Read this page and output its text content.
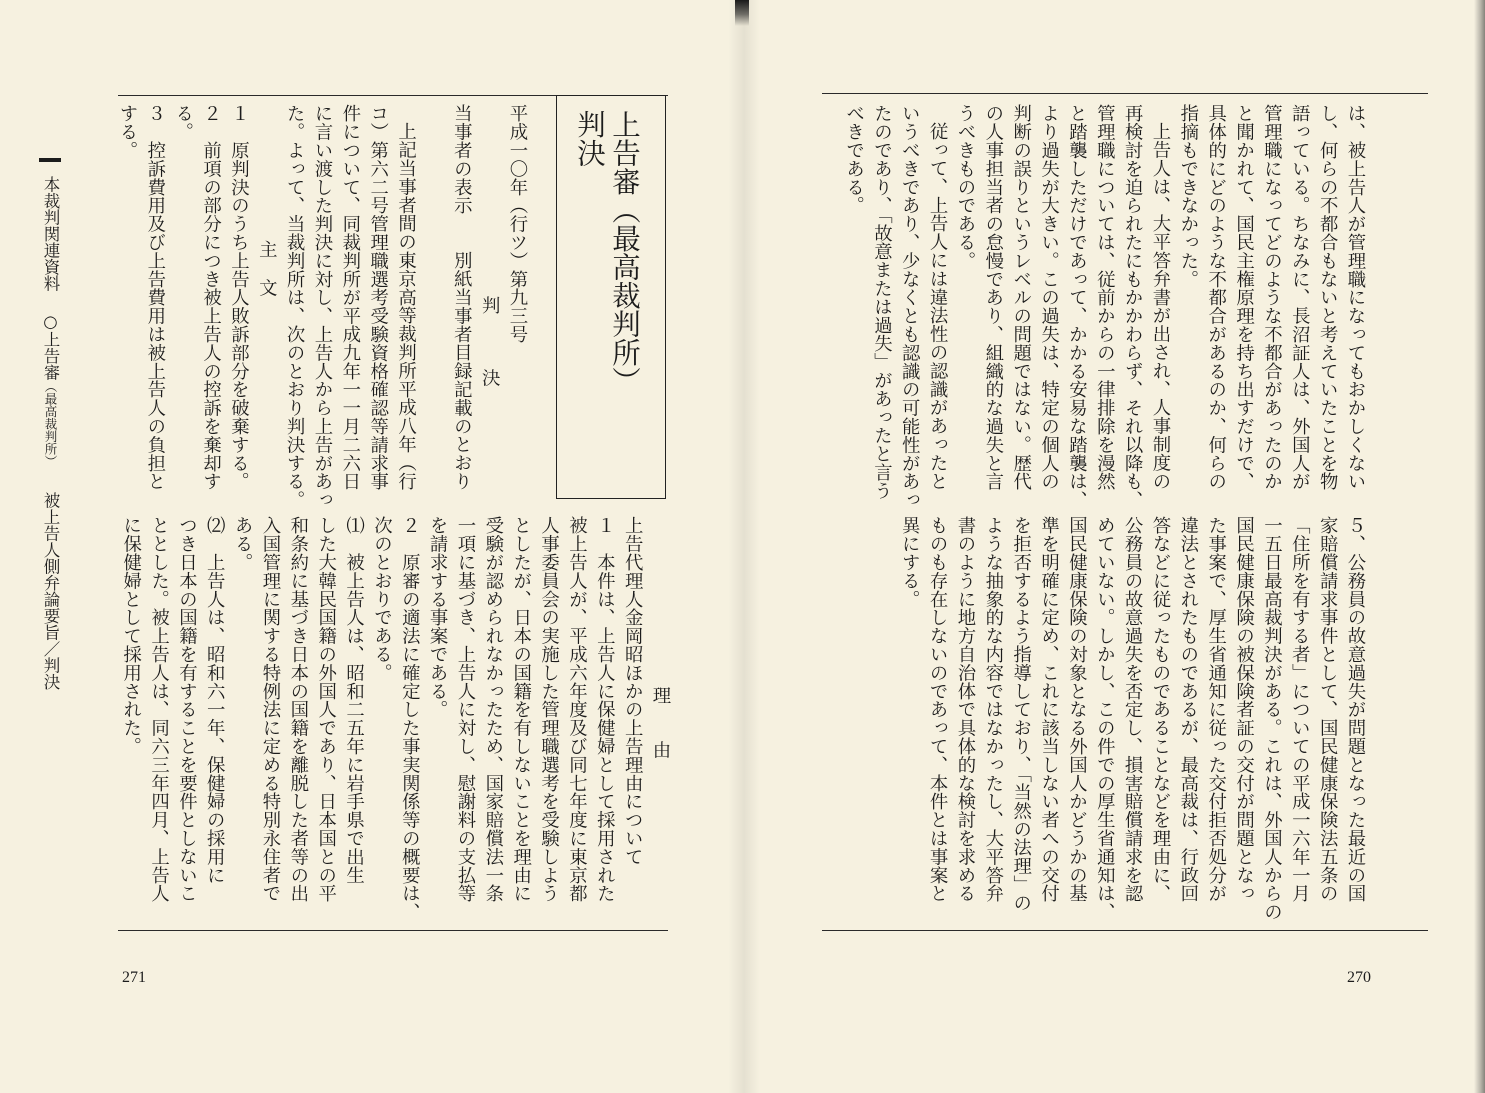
本裁判関連資料○上告審（最高裁判所）被上告人側弁論要旨／判決
上告審（最高裁判所）
判決
平成一〇年（行ツ）第九三号
判決
当事者の表示別紙当事者目録記載のとおり
上記当事者間の東京高等裁判所平成八年（行
コ）第六二号管理職選考受験資格確認等請求事
件について、同裁判所が平成九年一一月二六日
に言い渡した判決に対し、上告人から上告があっ
た。よって、当裁判所は、次のとおり判決する。
主文
１　原判決のうち上告人敗訴部分を破棄する。
２　前項の部分につき被上告人の控訴を棄却す
る。
３　控訴費用及び上告費用は被上告人の負担と
する。
理由
上告代理人金岡昭ほかの上告理由について
１　本件は、上告人に保健婦として採用された
被上告人が、平成六年度及び同七年度に東京都
人事委員会の実施した管理職選考を受験しよう
としたが、日本の国籍を有しないことを理由に
受験が認められなかったため、国家賠償法一条
一項に基づき、上告人に対し、慰謝料の支払等
を請求する事案である。
２　原審の適法に確定した事実関係等の概要は、
次のとおりである。
⑴　被上告人は、昭和二五年に岩手県で出生
した大韓民国籍の外国人であり、日本国との平
和条約に基づき日本の国籍を離脱した者等の出
入国管理に関する特例法に定める特別永住者で
ある。
⑵　上告人は、昭和六一年、保健婦の採用に
つき日本の国籍を有することを要件としないこ
ととした。被上告人は、同六三年四月、上告人
に保健婦として採用された。
271
は、被上告人が管理職になってもおかしくない
し、何らの不都合もないと考えていたことを物
語っている。ちなみに、長沼証人は、外国人が
管理職になってどのような不都合があったのか
と聞かれて、国民主権原理を持ち出すだけで、
具体的にどのような不都合があるのか、何らの
指摘もできなかった。
上告人は、大平答弁書が出され、人事制度の
再検討を迫られたにもかかわらず、それ以降も、
管理職については、従前からの一律排除を漫然
と踏襲しただけであって、かかる安易な踏襲は、
より過失が大きい。この過失は、特定の個人の
判断の誤りというレベルの問題ではない。歴代
の人事担当者の怠慢であり、組織的な過失と言
うべきものである。
従って、上告人には違法性の認識があったと
いうべきであり、少なくとも認識の可能性があっ
たのであり、「故意または過失」があったと言う
べきである。
５、公務員の故意過失が問題となった最近の国
家賠償請求事件として、国民健康保険法五条の
「住所を有する者」についての平成一六年一月
一五日最高裁判決がある。これは、外国人からの
国民健康保険の被保険者証の交付が問題となっ
た事案で、厚生省通知に従った交付拒否処分が
違法とされたものであるが、最高裁は、行政回
答などに従ったものであることなどを理由に、
公務員の故意過失を否定し、損害賠償請求を認
めていない。しかし、この件での厚生省通知は、
国民健康保険の対象となる外国人かどうかの基
準を明確に定め、これに該当しない者への交付
を拒否するよう指導しており、「当然の法理」の
ような抽象的な内容ではなかったし、大平答弁
書のように地方自治体で具体的な検討を求める
ものも存在しないのであって、本件とは事案と
異にする。
270
